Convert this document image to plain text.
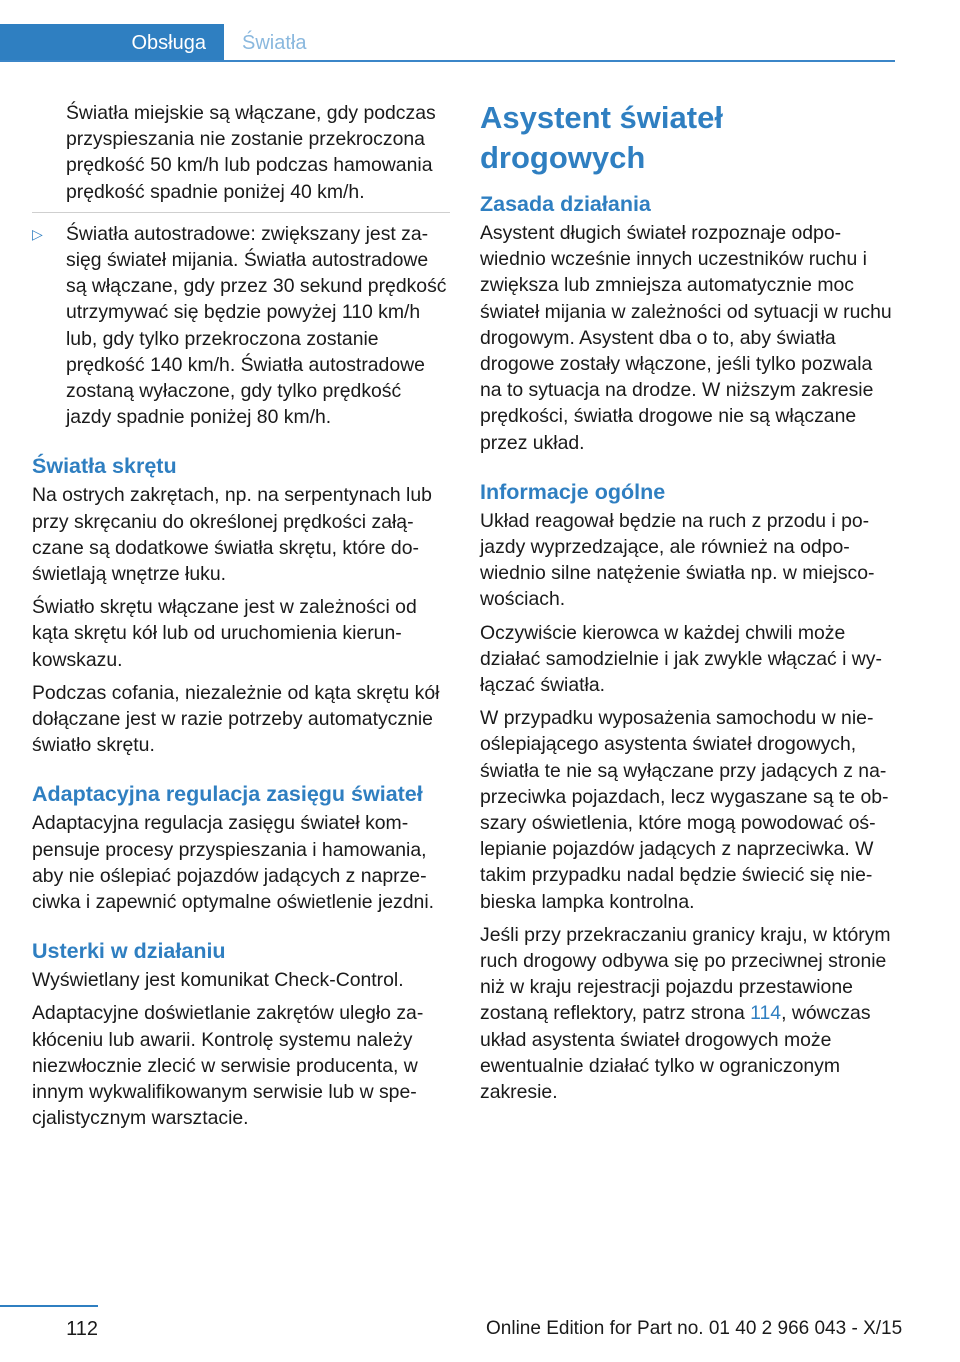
Obsługa	Światła

Światła miejskie są włączane, gdy podczas przyspieszania nie zostanie przekroczona prędkość 50 km/h lub podczas hamowania prędkość spadnie poniżej 40 km/h.

▷ Światła autostradowe: zwiększany jest zasięg świateł mijania. Światła autostradowe są włączane, gdy przez 30 sekund prędkość utrzymywać się będzie powyżej 110 km/h lub, gdy tylko przekroczona zostanie prędkość 140 km/h. Światła autostradowe zostaną wyłaczone, gdy tylko prędkość jazdy spadnie poniżej 80 km/h.
Światła skrętu

Na ostrych zakrętach, np. na serpentynach lub przy skręcaniu do określonej prędkości załączane są dodatkowe światła skrętu, które doświetlają wnętrze łuku.

Światło skrętu włączane jest w zależności od kąta skrętu kół lub od uruchomienia kierunkowskazu.

Podczas cofania, niezależnie od kąta skrętu kół dołączane jest w razie potrzeby automatycznie światło skrętu.

Adaptacyjna regulacja zasięgu świateł

Adaptacyjna regulacja zasięgu świateł kompensuje procesy przyspieszania i hamowania, aby nie oślepiać pojazdów jadących z naprzeciwka i zapewnić optymalne oświetlenie jezdni.

Usterki w działaniu

Wyświetlany jest komunikat Check-Control.

Adaptacyjne doświetlanie zakrętów uległo zakłóceniu lub awarii. Kontrolę systemu należy niezwłocznie zlecić w serwisie producenta, w innym wykwalifikowanym serwisie lub w specjalistycznym warsztacie.

Asystent świateł drogowych
Zasada działania

Asystent długich świateł rozpoznaje odpowiednio wcześnie innych uczestników ruchu i zwiększa lub zmniejsza automatycznie moc świateł mijania w zależności od sytuacji w ruchu drogowym. Asystent dba o to, aby światła drogowe zostały włączone, jeśli tylko pozwala na to sytuacja na drodze. W niższym zakresie prędkości, światła drogowe nie są włączane przez układ.

Informacje ogólne

Układ reagował będzie na ruch z przodu i pojazdy wyprzedzające, ale również na odpowiednio silne natężenie światła np. w miejscowościach.

Oczywiście kierowca w każdej chwili może działać samodzielnie i jak zwykle włączać i wyłączać światła.

W przypadku wyposażenia samochodu w nieoślepiającego asystenta świateł drogowych, światła te nie są wyłączane przy jadących z naprzeciwka pojazdach, lecz wygaszane są te obszary oświetlenia, które mogą powodować oślepianie pojazdów jadących z naprzeciwka. W takim przypadku nadal będzie świecić się niebieska lampka kontrolna.

Jeśli przy przekraczaniu granicy kraju, w którym ruch drogowy odbywa się po przeciwnej stronie niż w kraju rejestracji pojazdu przestawione zostaną reflektory, patrz strona 114, wówczas układ asystenta świateł drogowych może ewentualnie działać tylko w ograniczonym zakresie.

112	Online Edition for Part no. 01 40 2 966 043 - X/15
